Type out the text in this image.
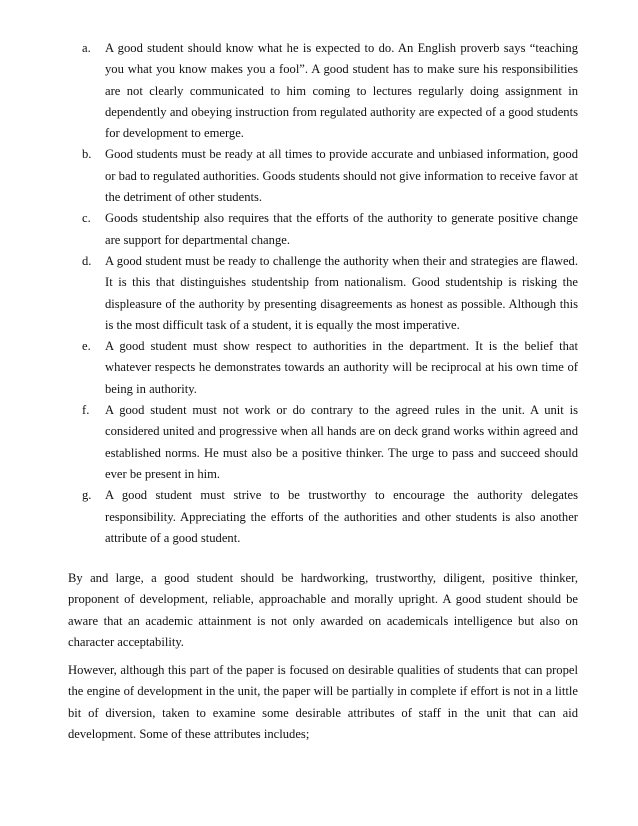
a.	A good student should know what he is expected to do. An English proverb says “teaching you what you know makes you a fool”. A good student has to make sure his responsibilities are not clearly communicated to him coming to lectures regularly doing assignment in dependently and obeying instruction from regulated authority are expected of a good students for development to emerge.
b.	Good students must be ready at all times to provide accurate and unbiased information, good or bad to regulated authorities. Goods students should not give information to receive favor at the detriment of other students.
c.	Goods studentship also requires that the efforts of the authority to generate positive change are support for departmental change.
d.	A good student must be ready to challenge the authority when their and strategies are flawed. It is this that distinguishes studentship from nationalism. Good studentship is risking the displeasure of the authority by presenting disagreements as honest as possible. Although this is the most difficult task of a student, it is equally the most imperative.
e.	A good student must show respect to authorities in the department. It is the belief that whatever respects he demonstrates towards an authority will be reciprocal at his own time of being in authority.
f.	A good student must not work or do contrary to the agreed rules in the unit. A unit is considered united and progressive when all hands are on deck grand works within agreed and established norms. He must also be a positive thinker. The urge to pass and succeed should ever be present in him.
g.	A good student must strive to be trustworthy to encourage the authority delegates responsibility. Appreciating the efforts of the authorities and other students is also another attribute of a good student.

By and large, a good student should be hardworking, trustworthy, diligent, positive thinker, proponent of development, reliable, approachable and morally upright. A good student should be aware that an academic attainment is not only awarded on academicals intelligence but also on character acceptability.

However, although this part of the paper is focused on desirable qualities of students that can propel the engine of development in the unit, the paper will be partially in complete if effort is not in a little bit of diversion, taken to examine some desirable attributes of staff in the unit that can aid development. Some of these attributes includes;
